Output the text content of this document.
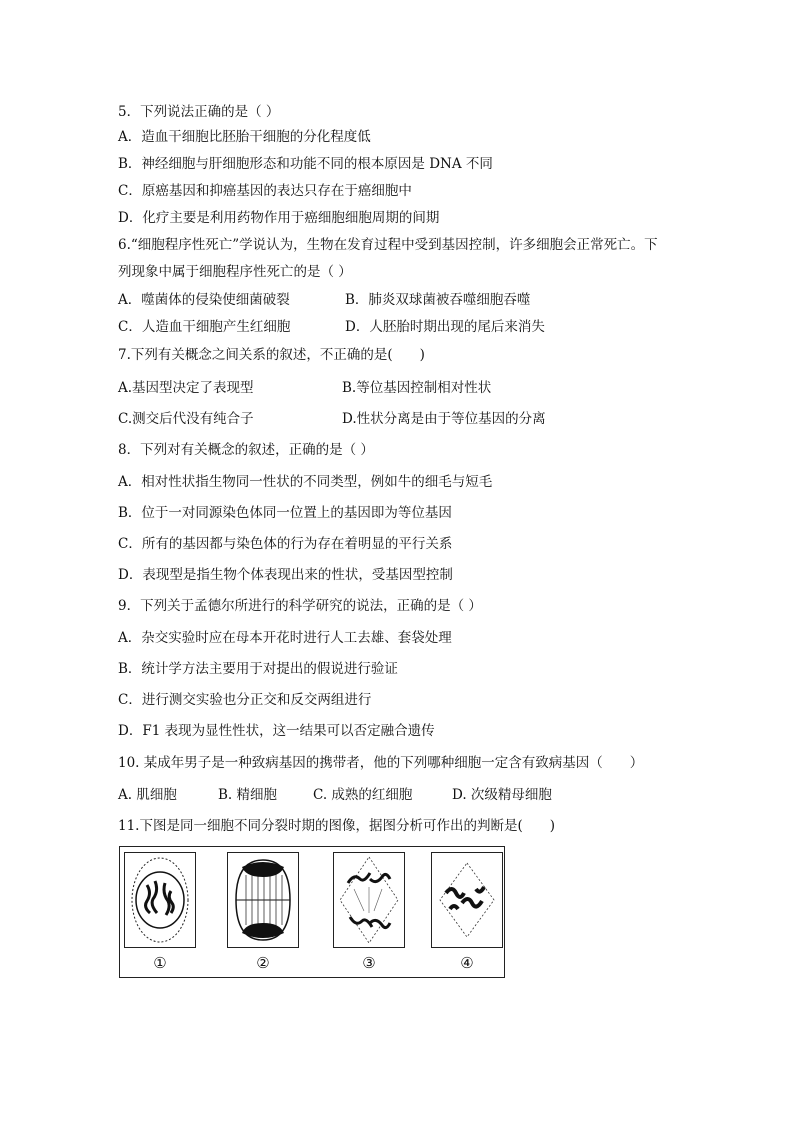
5．下列说法正确的是（ ）
A．造血干细胞比胚胎干细胞的分化程度低
B．神经细胞与肝细胞形态和功能不同的根本原因是 DNA 不同
C．原癌基因和抑癌基因的表达只存在于癌细胞中
D．化疗主要是利用药物作用于癌细胞细胞周期的间期
6.“细胞程序性死亡”学说认为，生物在发育过程中受到基因控制，许多细胞会正常死亡。下
列现象中属于细胞程序性死亡的是（ ）
A．噬菌体的侵染使细菌破裂	B．肺炎双球菌被吞噬细胞吞噬
C．人造血干细胞产生红细胞	D．人胚胎时期出现的尾后来消失
7.下列有关概念之间关系的叙述，不正确的是(　　)
A.基因型决定了表现型	B.等位基因控制相对性状
C.测交后代没有纯合子	D.性状分离是由于等位基因的分离
8．下列对有关概念的叙述，正确的是（ ）
A．相对性状指生物同一性状的不同类型，例如牛的细毛与短毛
B．位于一对同源染色体同一位置上的基因即为等位基因
C．所有的基因都与染色体的行为存在着明显的平行关系
D．表现型是指生物个体表现出来的性状，受基因型控制
9．下列关于孟德尔所进行的科学研究的说法，正确的是（ ）
A．杂交实验时应在母本开花时进行人工去雄、套袋处理
B．统计学方法主要用于对提出的假说进行验证
C．进行测交实验也分正交和反交两组进行
D．F1 表现为显性性状，这一结果可以否定融合遗传
10. 某成年男子是一种致病基因的携带者，他的下列哪种细胞一定含有致病基因（　　）
A. 肌细胞	B. 精细胞	C. 成熟的红细胞	D. 次级精母细胞
11.下图是同一细胞不同分裂时期的图像，据图分析可作出的判断是(　　)
①	②	③	④
